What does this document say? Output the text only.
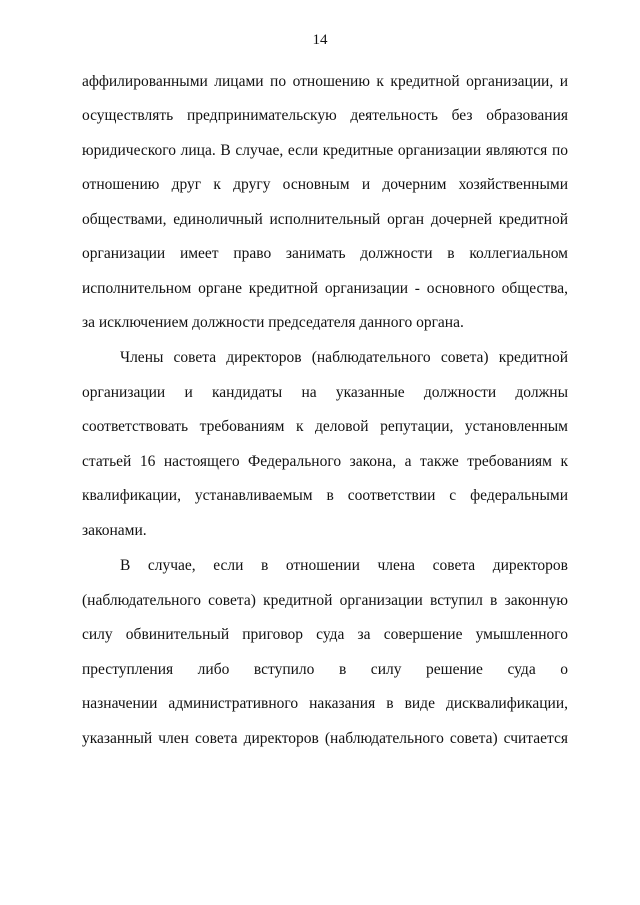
14
аффилированными лицами по отношению к кредитной организации, и
осуществлять предпринимательскую деятельность без образования
юридического лица. В случае, если кредитные организации являются по
отношению друг к другу основным и дочерним хозяйственными
обществами, единоличный исполнительный орган дочерней кредитной
организации имеет право занимать должности в коллегиальном
исполнительном органе кредитной организации - основного общества,
за исключением должности председателя данного органа.
Члены совета директоров (наблюдательного совета) кредитной
организации и кандидаты на указанные должности должны
соответствовать требованиям к деловой репутации, установленным
статьей 16 настоящего Федерального закона, а также требованиям к
квалификации, устанавливаемым в соответствии с федеральными
законами.
В случае, если в отношении члена совета директоров
(наблюдательного совета) кредитной организации вступил в законную
силу обвинительный приговор суда за совершение умышленного
преступления либо вступило в силу решение суда о
назначении административного наказания в виде дисквалификации,
указанный член совета директоров (наблюдательного совета) считается
